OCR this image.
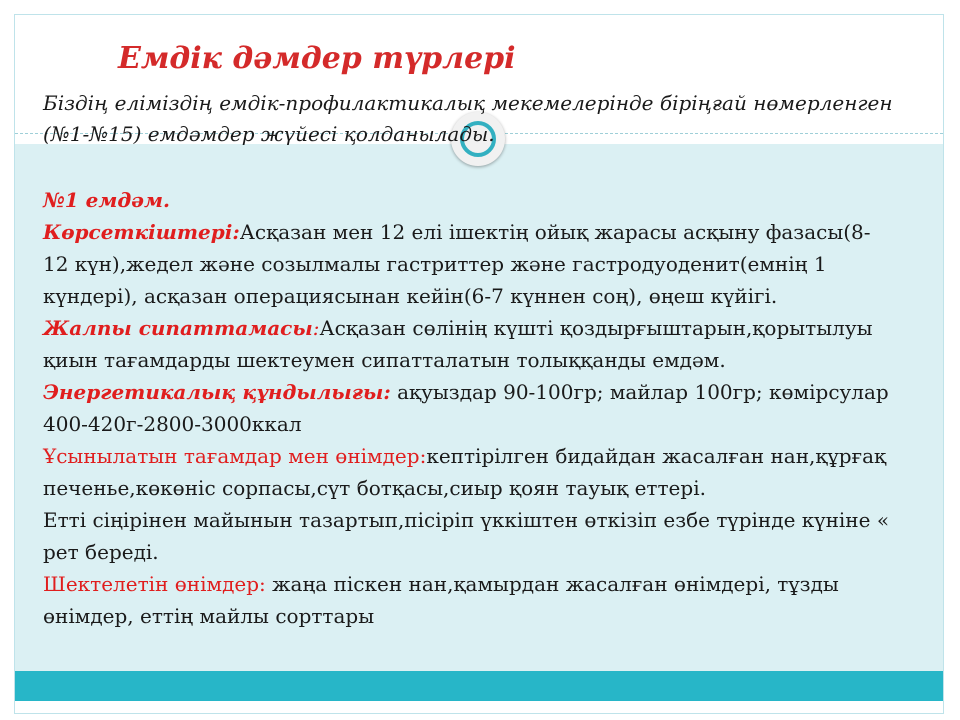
Емдік дәмдер түрлері

Біздің еліміздің емдік-профилактикалық мекемелерінде біріңғай нөмерленген (№1-№15) емдәмдер жүйесі қолданылады.

№1 емдәм.
Көрсеткіштері:Асқазан мен 12 елі ішектің ойық жарасы асқыну фазасы(8-12 күн),жедел және созылмалы гастриттер және гастродуоденит(емнің 1 күндері), асқазан операциясынан кейін(6-7 күннен соң), өңеш күйігі.
Жалпы сипаттамасы:Асқазан сөлінің күшті қоздырғыштарын,қорытылуы қиын тағамдарды шектеумен сипатталатын толыққанды емдәм.
Энергетикалық құндылығы: ақуыздар 90-100гр; майлар 100гр; көмірсулар 400-420г-2800-3000ккал
Ұсынылатын тағамдар мен өнімдер:кептірілген бидайдан жасалған нан,құрғақ печенье,көкөніс сорпасы,сүт ботқасы,сиыр қоян тауық еттері.
Етті сіңірінен майынын тазартып,пісіріп үккіштен өткізіп езбе түрінде күніне « рет береді.
Шектелетін өнімдер: жаңа піскен нан,қамырдан жасалған өнімдері, тұзды өнімдер, еттің майлы сорттары
